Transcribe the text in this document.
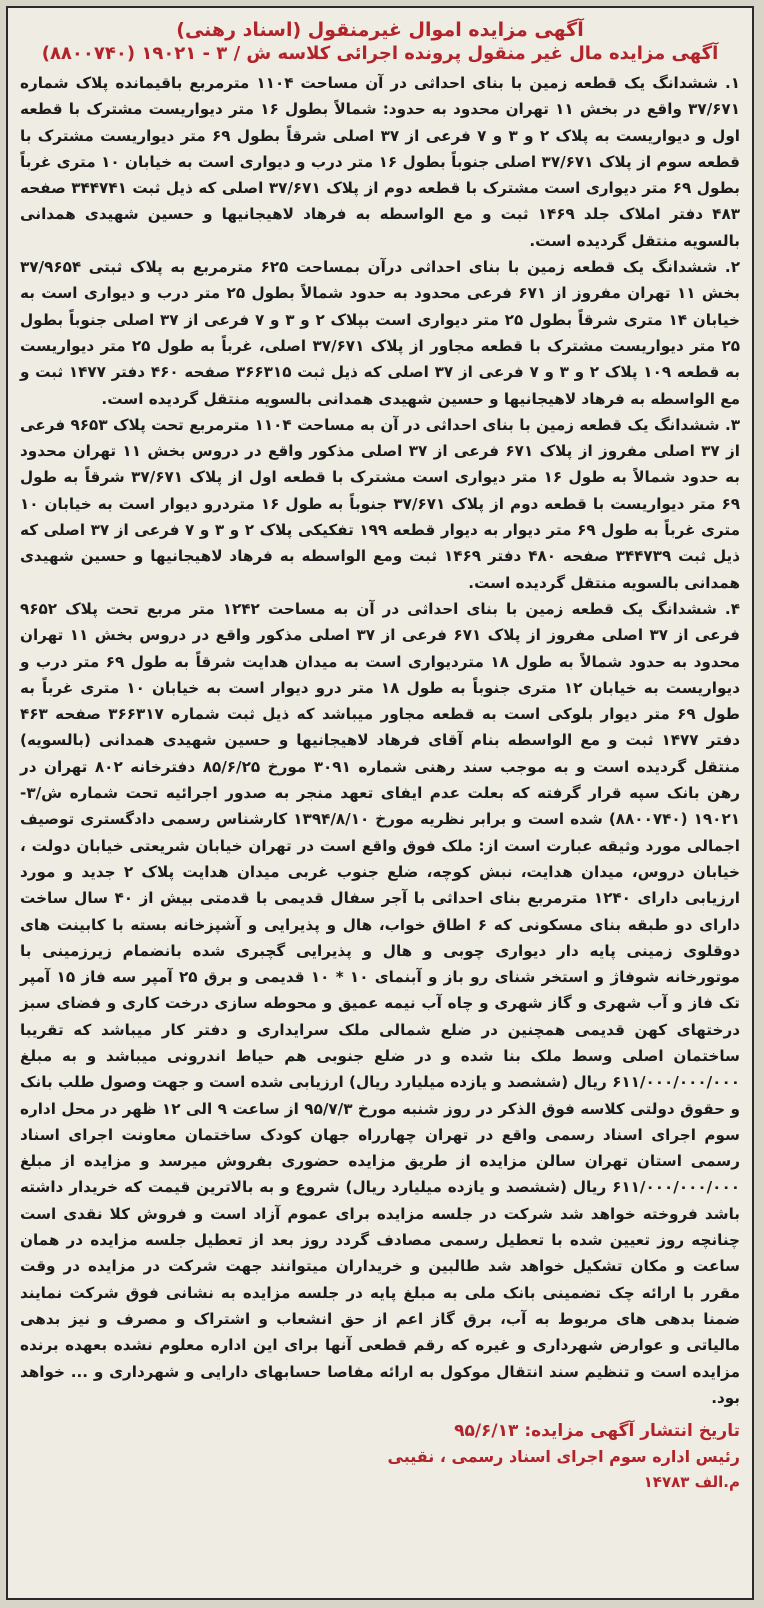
آگهی مزایده اموال غیرمنقول (اسناد رهنی)
آگهی مزایده مال غیر منقول پرونده اجرائی کلاسه ش / ۳ - ۱۹۰۲۱ (۸۸۰۰۷۴۰)

۱. ششدانگ یک قطعه زمین با بنای احداثی در آن مساحت ۱۱۰۴ مترمربع باقیمانده پلاک شماره ۳۷/۶۷۱ واقع در بخش ۱۱ تهران محدود به حدود: شمالاً بطول ۱۶ متر دیواریست مشترک با قطعه اول و دیواریست به پلاک ۲ و ۳ و ۷ فرعی از ۳۷ اصلی شرقاً بطول ۶۹ متر دیواریست مشترک با قطعه سوم از پلاک ۳۷/۶۷۱ اصلی جنوباً بطول ۱۶ متر درب و دیواری است به خیابان ۱۰ متری غرباً بطول ۶۹ متر دیواری است مشترک با قطعه دوم از پلاک ۳۷/۶۷۱ اصلی که ذیل ثبت ۳۴۴۷۴۱ صفحه ۴۸۳ دفتر املاک جلد ۱۴۶۹ ثبت و مع الواسطه به فرهاد لاهیجانیها و حسین شهیدی همدانی بالسویه منتقل گردیده است.

۲. ششدانگ یک قطعه زمین با بنای احداثی درآن بمساحت ۶۲۵ مترمربع به پلاک ثبتی ۳۷/۹۶۵۴ بخش ۱۱ تهران مفروز از ۶۷۱ فرعی محدود به حدود شمالاً بطول ۲۵ متر درب و دیواری است به خیابان ۱۴ متری شرقاً بطول ۲۵ متر دیواری است بپلاک ۲ و ۳ و ۷ فرعی از ۳۷ اصلی جنوباً بطول ۲۵ متر دیواریست مشترک با قطعه مجاور از پلاک ۳۷/۶۷۱ اصلی، غرباً به طول ۲۵ متر دیواریست به قطعه ۱۰۹ پلاک ۲ و ۳ و ۷ فرعی از ۳۷ اصلی که ذیل ثبت ۳۶۶۳۱۵ صفحه ۴۶۰ دفتر ۱۴۷۷ ثبت و مع الواسطه به فرهاد لاهیجانیها و حسین شهیدی همدانی بالسویه منتقل گردیده است.

۳. ششدانگ یک قطعه زمین با بنای احداثی در آن به مساحت ۱۱۰۴ مترمربع تحت پلاک ۹۶۵۳ فرعی از ۳۷ اصلی مفروز از پلاک ۶۷۱ فرعی از ۳۷ اصلی مذکور واقع در دروس بخش ۱۱ تهران محدود به حدود شمالاً به طول ۱۶ متر دیواری است مشترک با قطعه اول از پلاک ۳۷/۶۷۱ شرقاً به طول ۶۹ متر دیواریست با قطعه دوم از پلاک ۳۷/۶۷۱ جنوباً به طول ۱۶ متردرو دیوار است به خیابان ۱۰ متری غرباً به طول ۶۹ متر دیوار به دیوار قطعه ۱۹۹ تفکیکی پلاک ۲ و ۳ و ۷ فرعی از ۳۷ اصلی که ذیل ثبت ۳۴۴۷۳۹ صفحه ۴۸۰ دفتر ۱۴۶۹ ثبت ومع الواسطه به فرهاد لاهیجانیها و حسین شهیدی همدانی بالسویه منتقل گردیده است.

۴. ششدانگ یک قطعه زمین با بنای احداثی در آن به مساحت ۱۲۴۲ متر مربع تحت پلاک ۹۶۵۲ فرعی از ۳۷ اصلی مفروز از پلاک ۶۷۱ فرعی از ۳۷ اصلی مذکور واقع در دروس بخش ۱۱ تهران محدود به حدود شمالاً به طول ۱۸ متردیواری است به میدان هدایت شرقاً به طول ۶۹ متر درب و دیواریست به خیابان ۱۲ متری جنوباً به طول ۱۸ متر درو دیوار است به خیابان ۱۰ متری غرباً به طول ۶۹ متر دیوار بلوکی است به قطعه مجاور میباشد که ذیل ثبت شماره ۳۶۶۳۱۷ صفحه ۴۶۳ دفتر ۱۴۷۷ ثبت و مع الواسطه بنام آقای فرهاد لاهیجانیها و حسین شهیدی همدانی (بالسویه) منتقل گردیده است و به موجب سند رهنی شماره ۳۰۹۱ مورخ ۸۵/۶/۲۵ دفترخانه ۸۰۲ تهران در رهن بانک سپه قرار گرفته که بعلت عدم ایفای تعهد منجر به صدور اجرائیه تحت شماره ش/۳- ۱۹۰۲۱ (۸۸۰۰۷۴۰) شده است و برابر نظریه مورخ ۱۳۹۴/۸/۱۰ کارشناس رسمی دادگستری توصیف اجمالی مورد وثیقه عبارت است از: ملک فوق واقع است در تهران خیابان شریعتی خیابان دولت ، خیابان دروس، میدان هدایت، نبش کوچه، ضلع جنوب غربی میدان هدایت پلاک ۲ جدید و مورد ارزیابی دارای ۱۲۴۰ مترمربع بنای احداثی با آجر سفال قدیمی با قدمتی بیش از ۴۰ سال ساخت دارای دو طبقه بنای مسکونی که ۶ اطاق خواب، هال و پذیرایی و آشپزخانه بسته با کابینت های دوقلوی زمینی پایه دار دیواری چوبی و هال و پذیرایی گچبری شده بانضمام زیرزمینی با موتورخانه شوفاژ و استخر شنای رو باز و آبنمای ۱۰ * ۱۰ قدیمی و برق ۲۵ آمپر سه فاز ۱۵ آمپر تک فاز و آب شهری و گاز شهری و چاه آب نیمه عمیق و محوطه سازی درخت کاری و فضای سبز درختهای کهن قدیمی همچنین در ضلع شمالی ملک سرایداری و دفتر کار میباشد که تقریبا ساختمان اصلی وسط ملک بنا شده و در ضلع جنوبی هم حیاط اندرونی میباشد و به مبلغ ۶۱۱/۰۰۰/۰۰۰/۰۰۰ ریال (ششصد و یازده میلیارد ریال) ارزیابی شده است و جهت وصول طلب بانک و حقوق دولتی کلاسه فوق الذکر در روز شنبه مورخ ۹۵/۷/۳ از ساعت ۹ الی ۱۲ ظهر در محل اداره سوم اجرای اسناد رسمی واقع در تهران چهارراه جهان کودک ساختمان معاونت اجرای اسناد رسمی استان تهران سالن مزایده از طریق مزایده حضوری بفروش میرسد و مزایده از مبلغ ۶۱۱/۰۰۰/۰۰۰/۰۰۰ ریال (ششصد و یازده میلیارد ریال) شروع و به بالاترین قیمت که خریدار داشته باشد فروخته خواهد شد شرکت در جلسه مزایده برای عموم آزاد است و فروش کلا نقدی است چنانچه روز تعیین شده با تعطیل رسمی مصادف گردد روز بعد از تعطیل جلسه مزایده در همان ساعت و مکان تشکیل خواهد شد طالبین و خریداران میتوانند جهت شرکت در مزایده در وقت مقرر با ارائه چک تضمینی بانک ملی به مبلغ پایه در جلسه مزایده به نشانی فوق شرکت نمایند ضمنا بدهی های مربوط به آب، برق گاز اعم از حق انشعاب و اشتراک و مصرف و نیز بدهی مالیاتی و عوارض شهرداری و غیره که رقم قطعی آنها برای این اداره معلوم نشده بعهده برنده مزایده است و تنظیم سند انتقال موکول به ارائه مفاصا حسابهای دارایی و شهرداری و ... خواهد بود.

تاریخ انتشار آگهی مزایده: ۹۵/۶/۱۳

رئیس اداره سوم اجرای اسناد رسمی ، نقیبی

م.الف ۱۴۷۸۳
